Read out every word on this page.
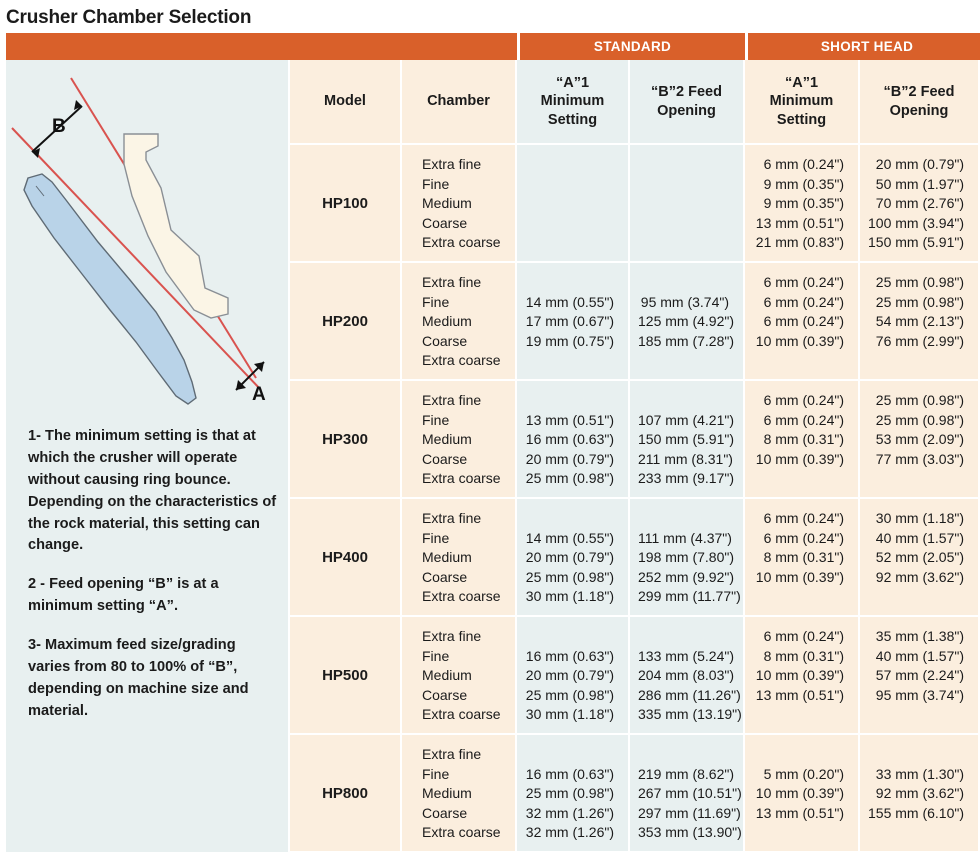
Crusher Chamber Selection
STANDARD	SHORT HEAD
B
A
1- The minimum setting is that at which the crusher will operate without causing ring bounce. Depending on the characteristics of the rock material, this setting can change.
2 - Feed opening “B” is at a minimum setting “A”.
3- Maximum feed size/grading varies from 80 to 100% of “B”, depending on machine size and material.
Model	Chamber
“A”1
Minimum
Setting
“B”2 Feed
Opening
“A”1
Minimum
Setting
“B”2 Feed
Opening
HP100
Extra fine
Fine
Medium
Coarse
Extra coarse
6 mm (0.24")
9 mm (0.35")
9 mm (0.35")
13 mm (0.51")
21 mm (0.83")
20 mm (0.79")
50 mm (1.97")
70 mm (2.76")
100 mm (3.94")
150 mm (5.91")
HP200
Extra fine
Fine
Medium
Coarse
Extra coarse
14 mm (0.55")
17 mm (0.67")
19 mm (0.75")
95 mm (3.74")
125 mm (4.92")
185 mm (7.28")
6 mm (0.24")
6 mm (0.24")
6 mm (0.24")
10 mm (0.39")
25 mm (0.98")
25 mm (0.98")
54 mm (2.13")
76 mm (2.99")
HP300
Extra fine
Fine
Medium
Coarse
Extra coarse
13 mm (0.51")
16 mm (0.63")
20 mm (0.79")
25 mm (0.98")
107 mm (4.21")
150 mm (5.91")
211 mm (8.31")
233 mm (9.17")
6 mm (0.24")
6 mm (0.24")
8 mm (0.31")
10 mm (0.39")
25 mm (0.98")
25 mm (0.98")
53 mm (2.09")
77 mm (3.03")
HP400
Extra fine
Fine
Medium
Coarse
Extra coarse
14 mm (0.55")
20 mm (0.79")
25 mm (0.98")
30 mm (1.18")
111 mm (4.37")
198 mm (7.80")
252 mm (9.92")
299 mm (11.77")
6 mm (0.24")
6 mm (0.24")
8 mm (0.31")
10 mm (0.39")
30 mm (1.18")
40 mm (1.57")
52 mm (2.05")
92 mm (3.62")
HP500
Extra fine
Fine
Medium
Coarse
Extra coarse
16 mm (0.63")
20 mm (0.79")
25 mm (0.98")
30 mm (1.18")
133 mm (5.24")
204 mm (8.03")
286 mm (11.26")
335 mm (13.19")
6 mm (0.24")
8 mm (0.31")
10 mm (0.39")
13 mm (0.51")
35 mm (1.38")
40 mm (1.57")
57 mm (2.24")
95 mm (3.74")
HP800
Extra fine
Fine
Medium
Coarse
Extra coarse
16 mm (0.63")
25 mm (0.98")
32 mm (1.26")
32 mm (1.26")
219 mm (8.62")
267 mm (10.51")
297 mm (11.69")
353 mm (13.90")
5 mm (0.20")
10 mm (0.39")
13 mm (0.51")
33 mm (1.30")
92 mm (3.62")
155 mm (6.10")
